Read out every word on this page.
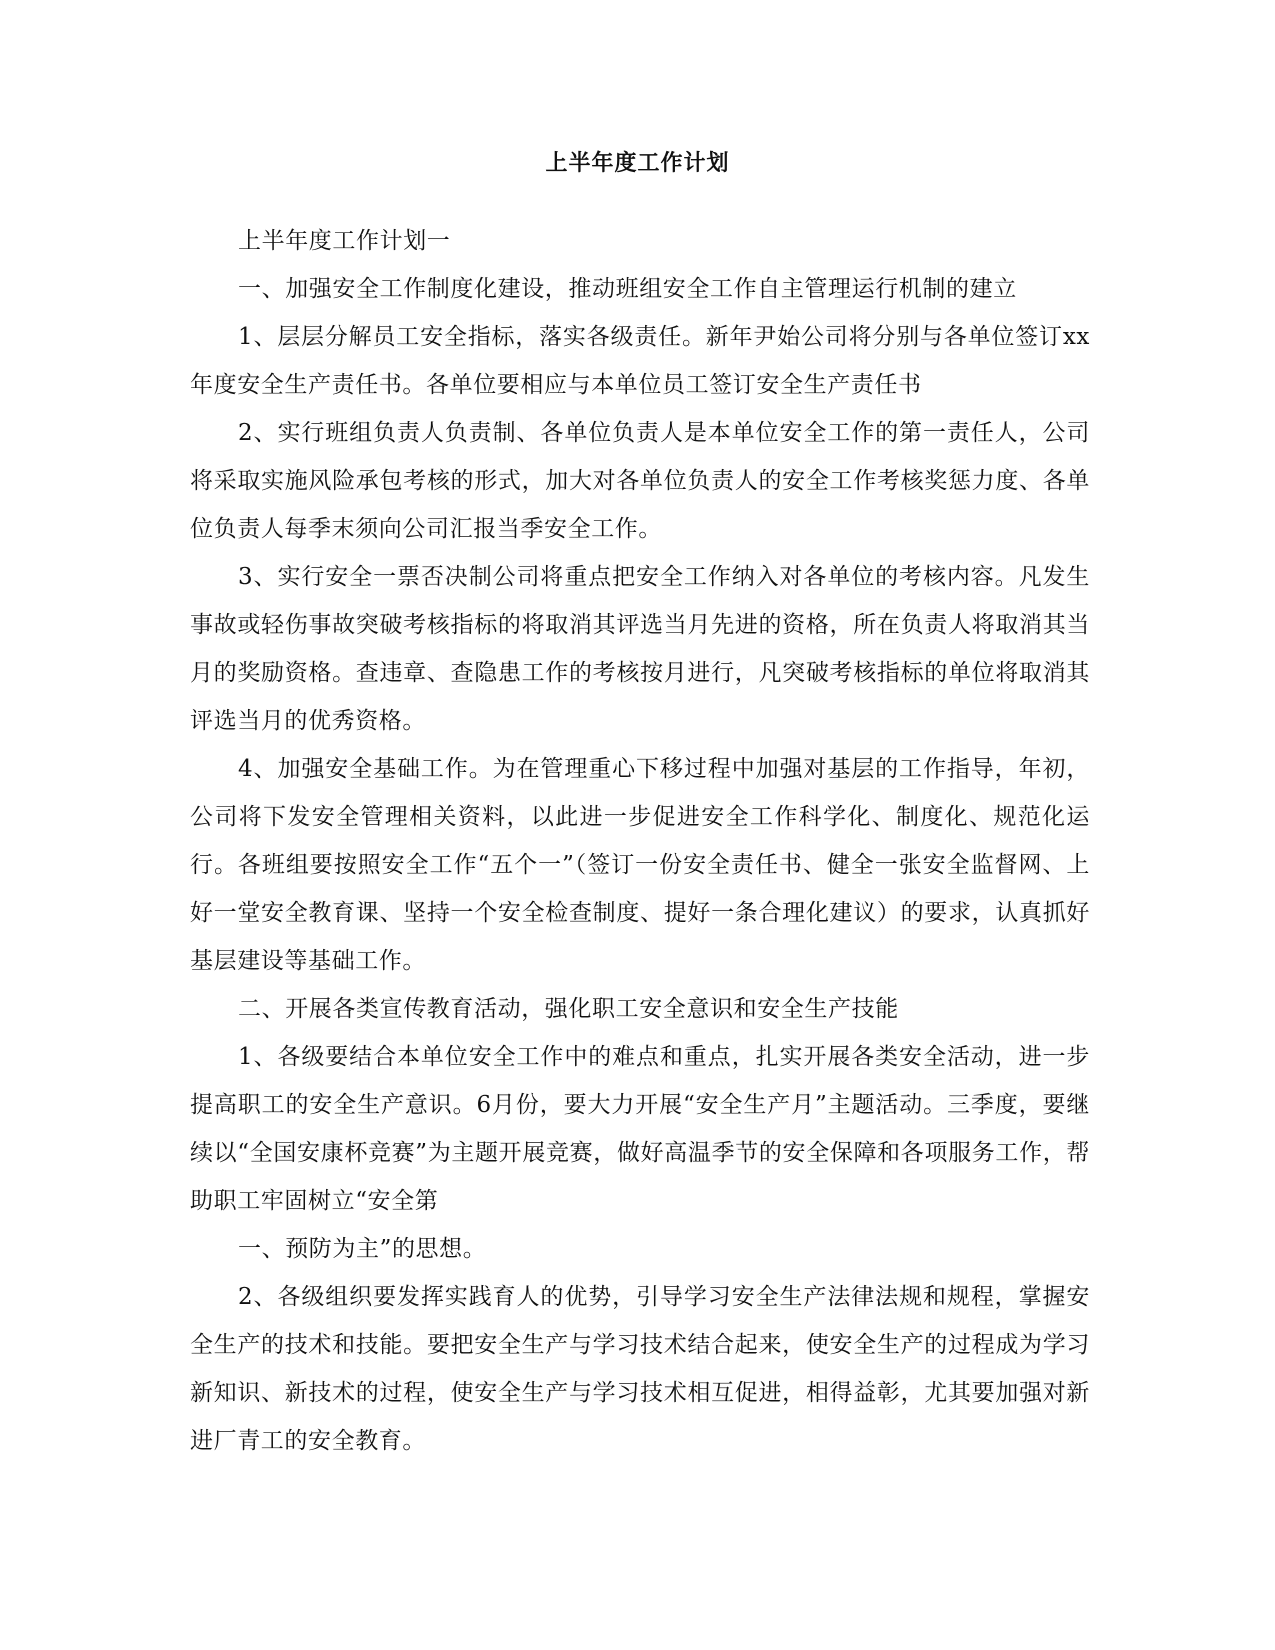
上半年度工作计划

上半年度工作计划一

一、加强安全工作制度化建设，推动班组安全工作自主管理运行机制的建立

1、层层分解员工安全指标，落实各级责任。新年尹始公司将分别与各单位签订xx年度安全生产责任书。各单位要相应与本单位员工签订安全生产责任书

2、实行班组负责人负责制、各单位负责人是本单位安全工作的第一责任人，公司将采取实施风险承包考核的形式，加大对各单位负责人的安全工作考核奖惩力度、各单位负责人每季末须向公司汇报当季安全工作。

3、实行安全一票否决制公司将重点把安全工作纳入对各单位的考核内容。凡发生事故或轻伤事故突破考核指标的将取消其评选当月先进的资格，所在负责人将取消其当月的奖励资格。查违章、查隐患工作的考核按月进行，凡突破考核指标的单位将取消其评选当月的优秀资格。

4、加强安全基础工作。为在管理重心下移过程中加强对基层的工作指导，年初，公司将下发安全管理相关资料，以此进一步促进安全工作科学化、制度化、规范化运行。各班组要按照安全工作“五个一”（签订一份安全责任书、健全一张安全监督网、上好一堂安全教育课、坚持一个安全检查制度、提好一条合理化建议）的要求，认真抓好基层建设等基础工作。

二、开展各类宣传教育活动，强化职工安全意识和安全生产技能

1、各级要结合本单位安全工作中的难点和重点，扎实开展各类安全活动，进一步提高职工的安全生产意识。6月份，要大力开展“安全生产月”主题活动。三季度，要继续以“全国安康杯竞赛”为主题开展竞赛，做好高温季节的安全保障和各项服务工作，帮助职工牢固树立“安全第

一、预防为主”的思想。

2、各级组织要发挥实践育人的优势，引导学习安全生产法律法规和规程，掌握安全生产的技术和技能。要把安全生产与学习技术结合起来，使安全生产的过程成为学习新知识、新技术的过程，使安全生产与学习技术相互促进，相得益彰，尤其要加强对新进厂青工的安全教育。
